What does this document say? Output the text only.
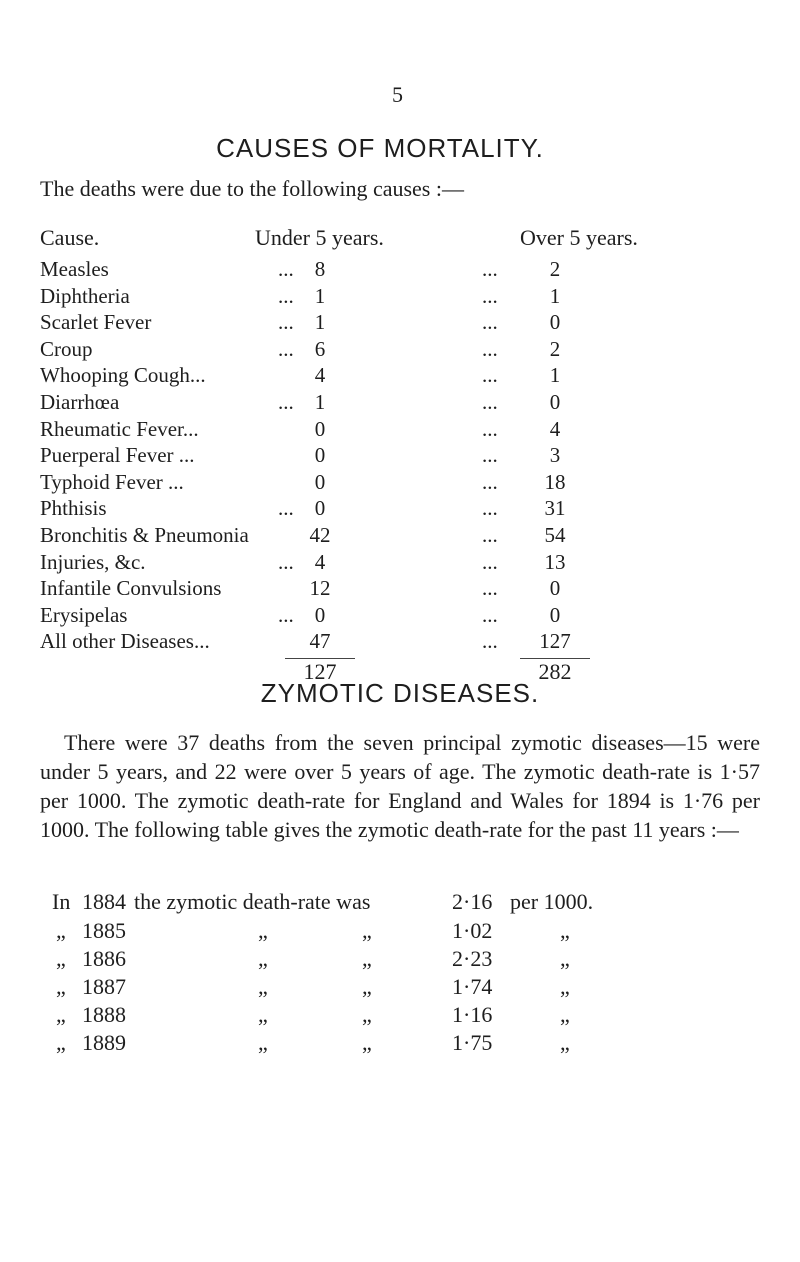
5
CAUSES OF MORTALITY.
The deaths were due to the following causes :—
Cause.	Under 5 years.	Over 5 years.
Measles	...	8	...	2
Diphtheria	...	1	...	1
Scarlet Fever	...	1	...	0
Croup	...	6	...	2
Whooping Cough...	4	...	1
Diarrhœa	...	1	...	0
Rheumatic Fever...	0	...	4
Puerperal Fever ...	0	...	3
Typhoid Fever ...	0	...	18
Phthisis	...	0	...	31
Bronchitis & Pneumonia	42	...	54
Injuries, &c.	...	4	...	13
Infantile Convulsions	12	...	0
Erysipelas	...	0	...	0
All other Diseases...	47	...	127
127	282
ZYMOTIC DISEASES.

There were 37 deaths from the seven principal zymotic diseases—15 were under 5 years, and 22 were over 5 years of age. The zymotic death-rate is 1·57 per 1000. The zymotic death-rate for England and Wales for 1894 is 1·76 per 1000. The following table gives the zymotic death-rate for the past 11 years :—

In 1884 the zymotic death-rate was	2·16 per 1000.
„ 1885	„	„	1·02	„
„ 1886	„	„	2·23	„
„ 1887	„	„	1·74	„
„ 1888	„	„	1·16	„
„ 1889	„	„	1·75	„
